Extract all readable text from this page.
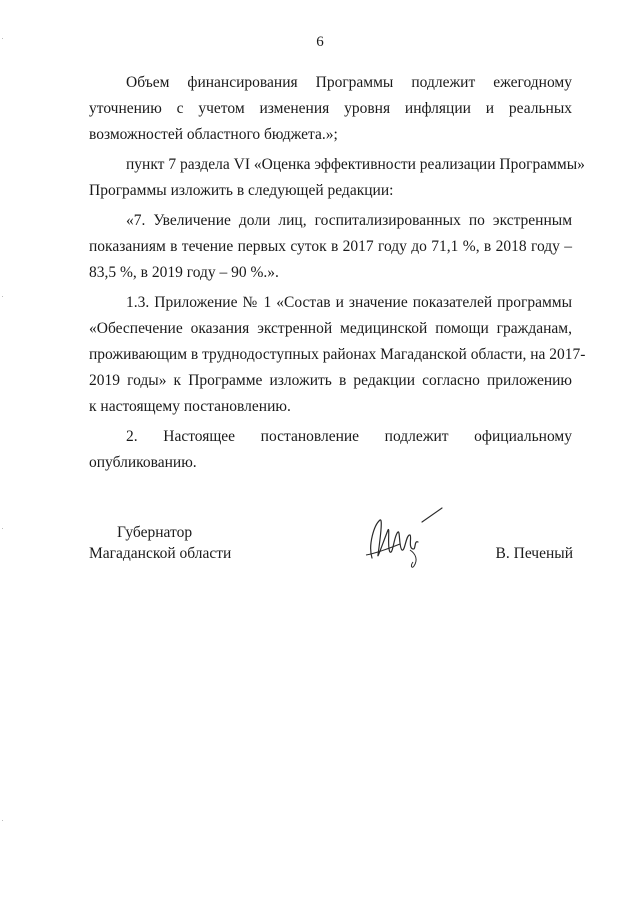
6
Объем финансирования Программы подлежит ежегодному
уточнению с учетом изменения уровня инфляции и реальных
возможностей областного бюджета.»;
пункт 7 раздела VI «Оценка эффективности реализации Программы»
Программы изложить в следующей редакции:
«7. Увеличение доли лиц, госпитализированных по экстренным
показаниям в течение первых суток в 2017 году до 71,1 %, в 2018 году –
83,5 %, в 2019 году – 90 %.».
1.3. Приложение № 1 «Состав и значение показателей программы
«Обеспечение оказания экстренной медицинской помощи гражданам,
проживающим в труднодоступных районах Магаданской области, на 2017-
2019 годы» к Программе изложить в редакции согласно приложению
к настоящему постановлению.
2. Настоящее постановление подлежит официальному
опубликованию.
Губернатор
Магаданской области	В. Печеный
